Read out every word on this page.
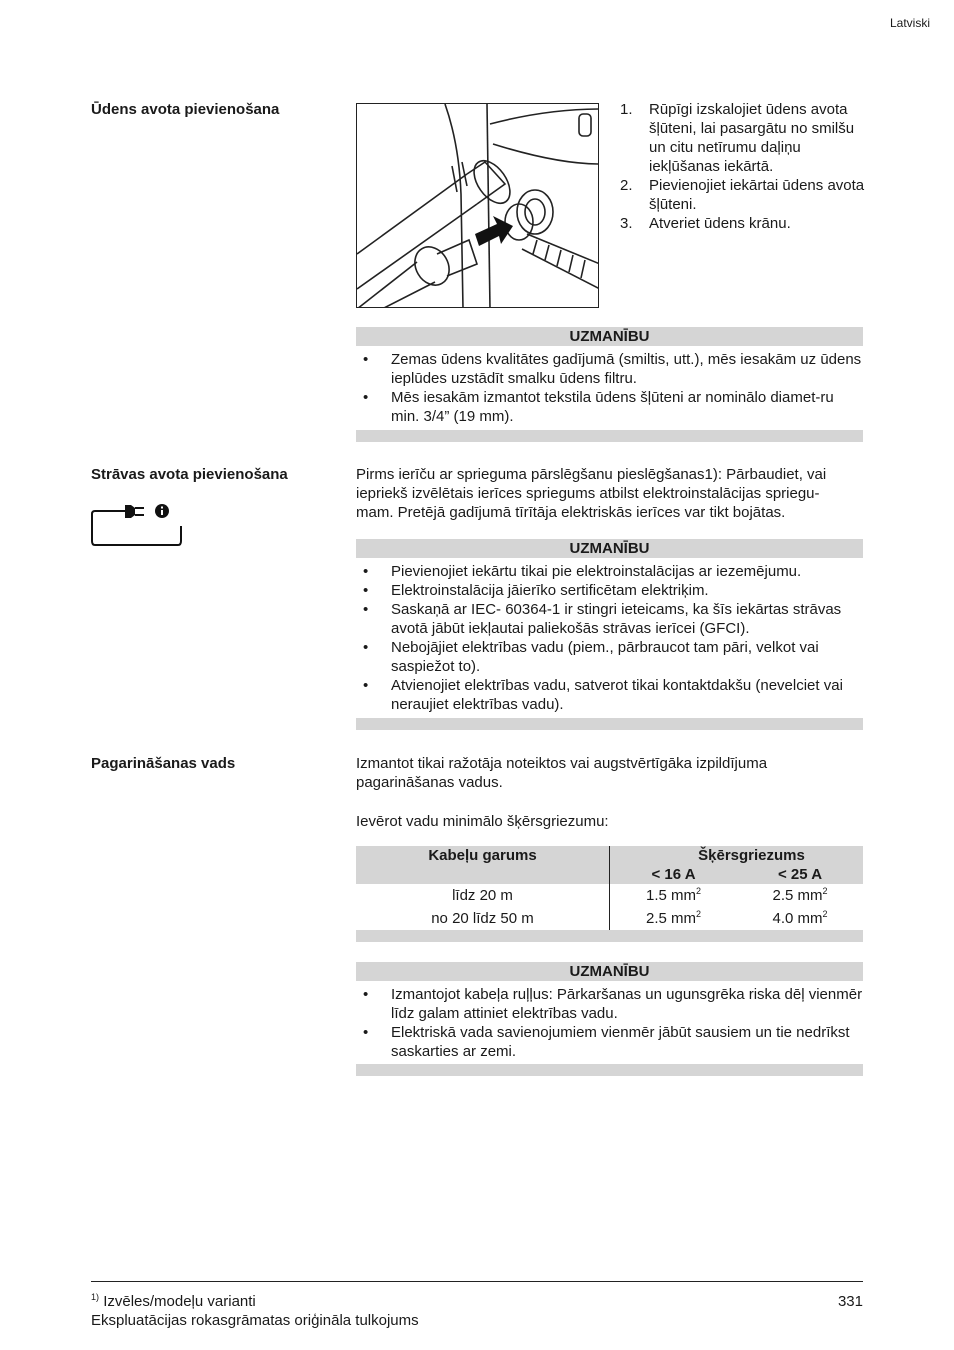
Latviski
Ūdens avota pievienošana	1. Rūpīgi izskalojiet ūdens avota šļūteni, lai pasargātu no smilšu un citu netīrumu daļiņu iekļūšanas iekārtā.
2. Pievienojiet iekārtai ūdens avota šļūteni.
3. Atveriet ūdens krānu.
UZMANĪBU
• Zemas ūdens kvalitātes gadījumā (smiltis, utt.), mēs iesakām uz ūdens ieplūdes uzstādīt smalku ūdens filtru.
• Mēs iesakām izmantot tekstila ūdens šļūteni ar nominālo diamet-ru min. 3/4” (19 mm).
Strāvas avota pievienošana	Pirms ierīču ar sprieguma pārslēgšanu pieslēgšanas1): Pārbaudiet, vai
iepriekš izvēlētais ierīces spriegums atbilst elektroinstalācijas spriegu-
mam. Pretējā gadījumā tīrītāja elektriskās ierīces var tikt bojātas.
UZMANĪBU
• Pievienojiet iekārtu tikai pie elektroinstalācijas ar iezemējumu.
• Elektroinstalācija jāierīko sertificētam elektriķim.
• Saskaņā ar IEC- 60364-1 ir stingri ieteicams, ka šīs iekārtas strāvas avotā jābūt iekļautai paliekošās strāvas ierīcei (GFCI).
• Nebojājiet elektrības vadu (piem., pārbraucot tam pāri, velkot vai saspiežot to).
• Atvienojiet elektrības vadu, satverot tikai kontaktdakšu (nevelciet vai neraujiet elektrības vadu).
Pagarināšanas vads	Izmantot tikai ražotāja noteiktos vai augstvērtīgāka izpildījuma pagarināšanas vadus.
Ievērot vadu minimālo šķērsgriezumu:
Kabeļu garums	Šķērsgriezums	
	< 16 A	< 25 A
līdz 20 m	1.5 $mm^2$	2.5 $mm^2$
no 20 līdz 50 m	2.5 $mm^2$	4.0 $mm^2$
UZMANĪBU
• Izmantojot kabeļa ruļļus: Pārkaršanas un ugunsgrēka riska dēļ vienmēr līdz galam attiniet elektrības vadu.
• Elektriskā vada savienojumiem vienmēr jābūt sausiem un tie nedrīkst saskarties ar zemi.
$^{1)}$ Izvēles/modeļu varianti
Ekspluatācijas rokasgrāmatas oriģināla tulkojums
331
